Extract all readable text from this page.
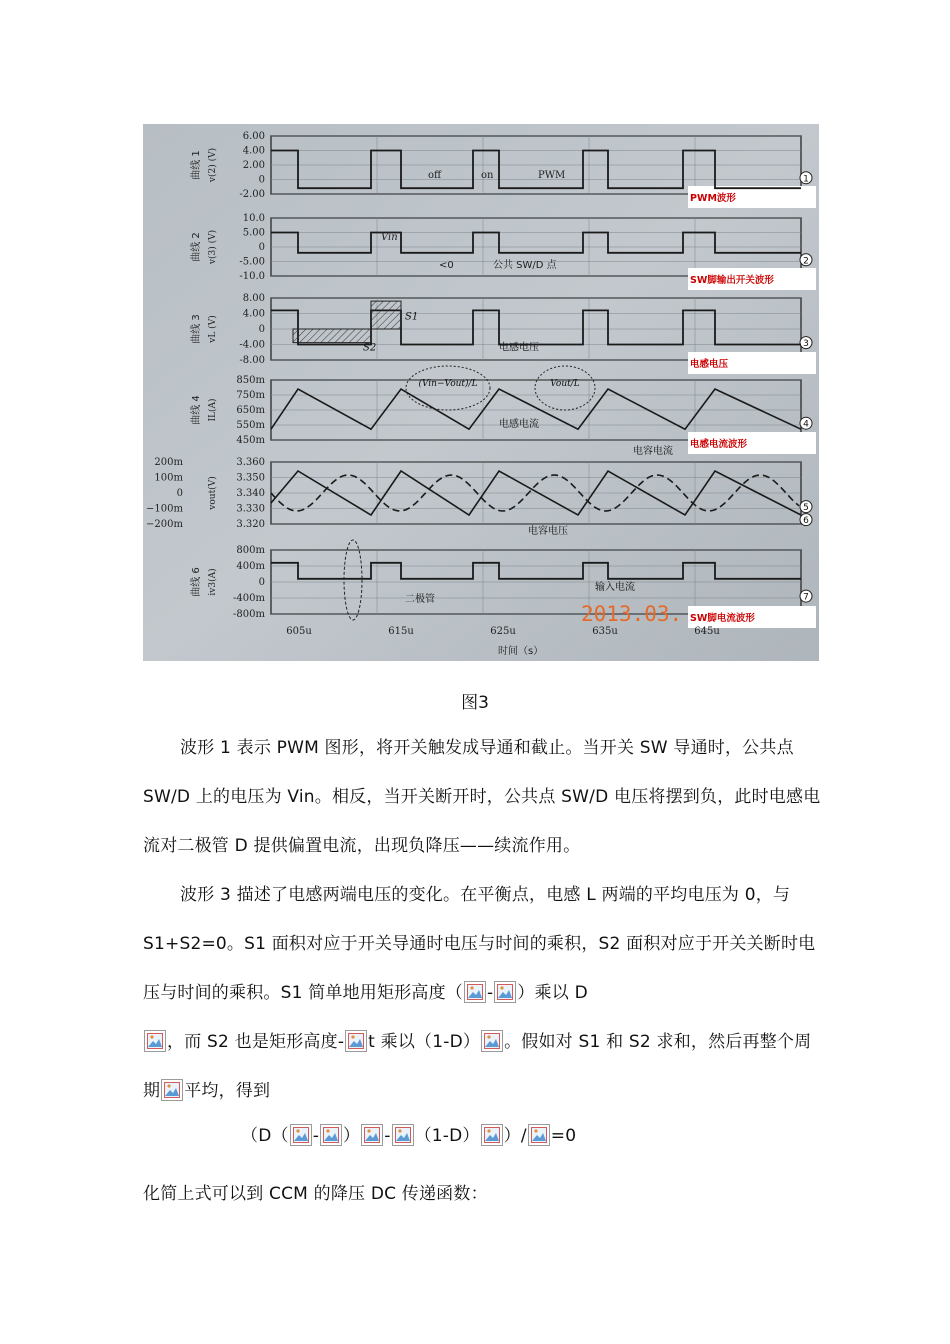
6.00
4.00
2.00
0
-2.00
曲线 1 v(2) (V)	1
PWM波形
10.0
5.00
0
-5.00
-10.0
曲线 2 v(3) (V)	2
SW脚输出开关波形
8.00
4.00
0
-4.00
-8.00
曲线 3 vL (V)
3
电感电压
850m
750m
650m
550m
450m
曲线 4 IL(A)
4
电感电流波形
3.360
200m
3.350
100m
3.340
0
3.330
−100m
3.320
−200m
vout(V)	5
6
800m
400m
0
-400m
-800m
曲线 6 iv3(A)
7
SW脚电流波形
S1
S2	电感电压
off	on	PWM
Vin
<0	公共 SW/D 点
(Vin−Vout)/L	Vout/L
电感电流
电容电流
电容电压
二极管
输入电流
605u	615u	625u	635u	645u
2013.03.
时间（s）
图3
波形 1 表示 PWM 图形，将开关触发成导通和截止。当开关 SW 导通时，公共点 SW/D 上的电压为 Vin。相反，当开关断开时，公共点 SW/D 电压将摆到负，此时电感电流对二极管 D 提供偏置电流，出现负降压——续流作用。
波形 3 描述了电感两端电压的变化。在平衡点，电感 L 两端的平均电压为 0，与 S1+S2=0。S1 面积对应于开关导通时电压与时间的乘积，S2 面积对应于开关关断时电压与时间的乘积。S1 简单地用矩形高度（ - ）乘以 D

，而 S2 也是矩形高度- t 乘以（1-D） 。假如对 S1 和 S2 求和，然后再整个周期 平均，得到
（D（ - ） - （1-D） ）/ =0
化简上式可以到 CCM 的降压 DC 传递函数：
